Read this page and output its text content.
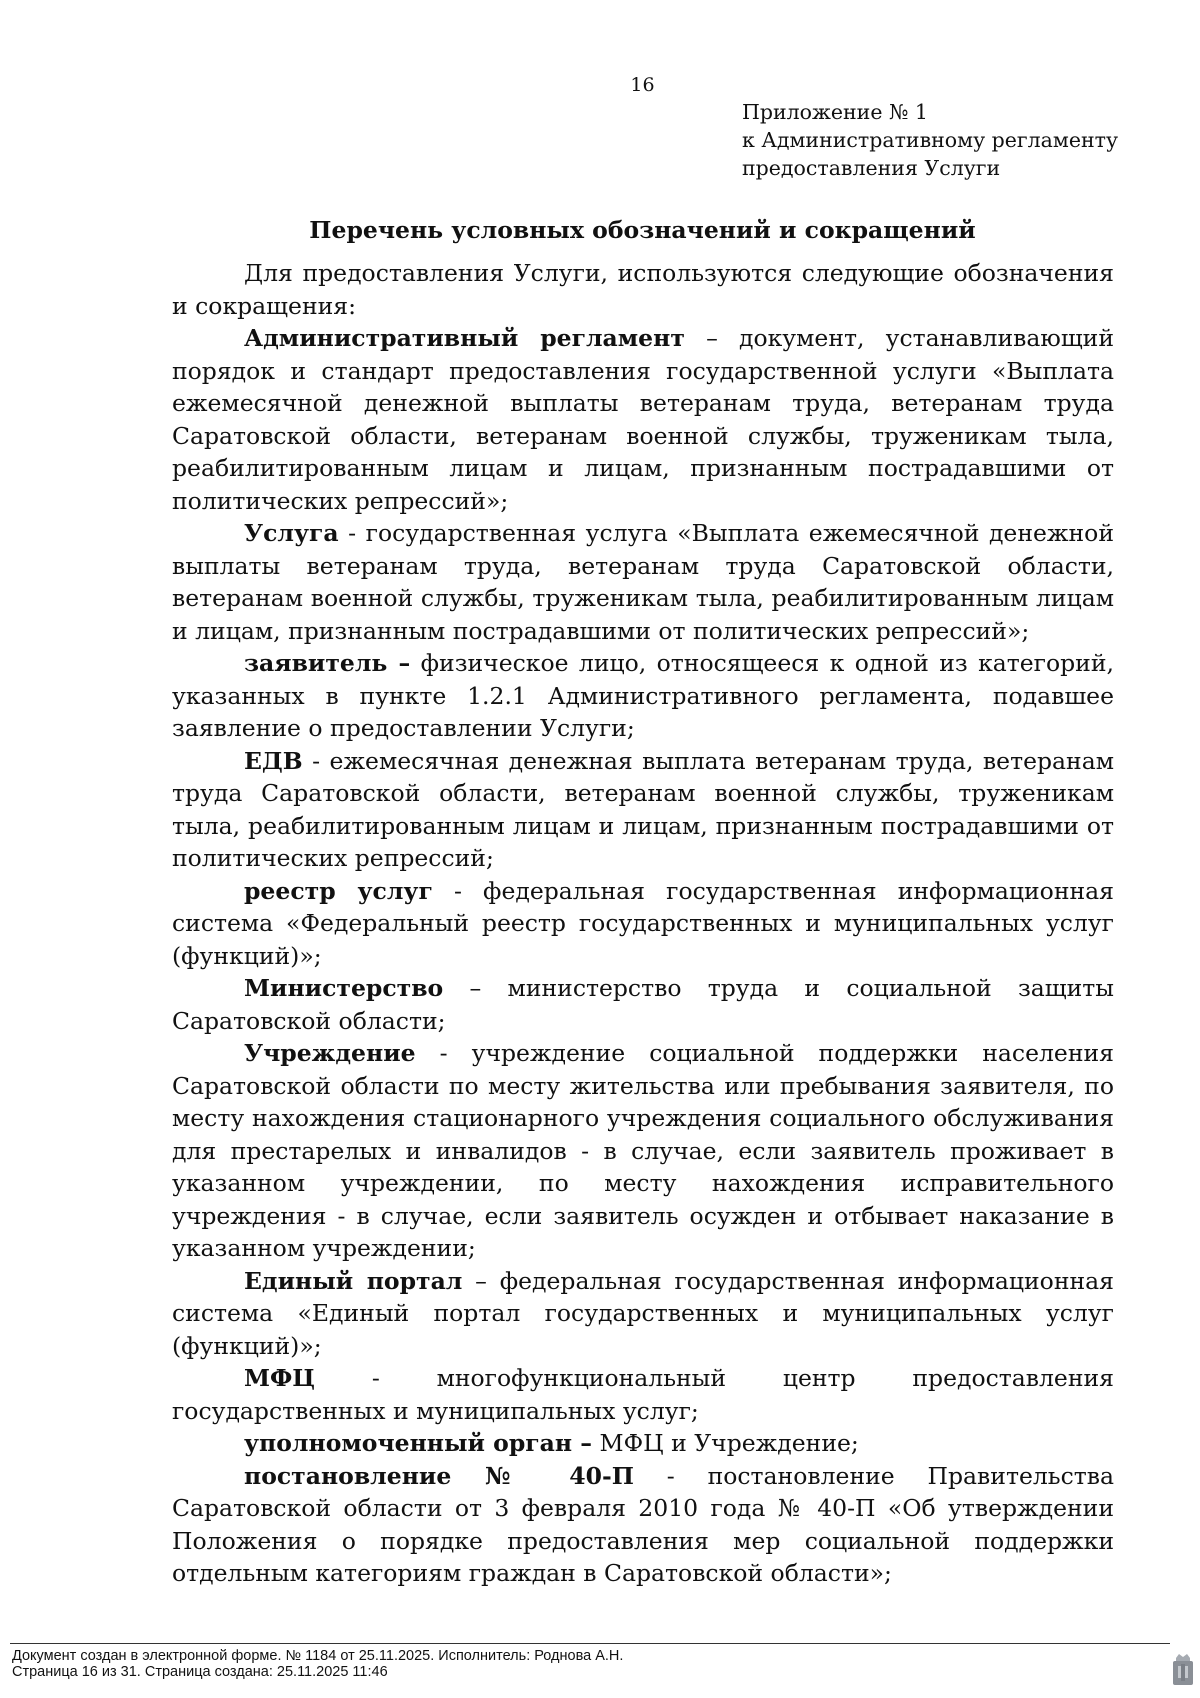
16
Приложение № 1
к Административному регламенту
предоставления Услуги
Перечень условных обозначений и сокращений

Для предоставления Услуги, используются следующие обозначения и сокращения:

Административный регламент – документ, устанавливающий порядок и стандарт предоставления государственной услуги «Выплата ежемесячной денежной выплаты ветеранам труда, ветеранам труда Саратовской области, ветеранам военной службы, труженикам тыла, реабилитированным лицам и лицам, признанным пострадавшими от политических репрессий»;

Услуга - государственная услуга «Выплата ежемесячной денежной выплаты ветеранам труда, ветеранам труда Саратовской области, ветеранам военной службы, труженикам тыла, реабилитированным лицам и лицам, признанным пострадавшими от политических репрессий»;

заявитель – физическое лицо, относящееся к одной из категорий, указанных в пункте 1.2.1 Административного регламента, подавшее заявление о предоставлении Услуги;

ЕДВ - ежемесячная денежная выплата ветеранам труда, ветеранам труда Саратовской области, ветеранам военной службы, труженикам тыла, реабилитированным лицам и лицам, признанным пострадавшими от политических репрессий;

реестр услуг - федеральная государственная информационная система «Федеральный реестр государственных и муниципальных услуг (функций)»;

Министерство – министерство труда и социальной защиты Саратовской области;

Учреждение - учреждение социальной поддержки населения Саратовской области по месту жительства или пребывания заявителя, по месту нахождения стационарного учреждения социального обслуживания для престарелых и инвалидов - в случае, если заявитель проживает в указанном учреждении, по месту нахождения исправительного учреждения - в случае, если заявитель осужден и отбывает наказание в указанном учреждении;

Единый портал – федеральная государственная информационная система «Единый портал государственных и муниципальных услуг (функций)»;

МФЦ - многофункциональный центр предоставления государственных и муниципальных услуг;

уполномоченный орган – МФЦ и Учреждение;

постановление № 40-П - постановление Правительства Саратовской области от 3 февраля 2010 года № 40-П «Об утверждении Положения о порядке предоставления мер социальной поддержки отдельным категориям граждан в Саратовской области»;

Документ создан в электронной форме. № 1184 от 25.11.2025. Исполнитель: Роднова А.Н.
Страница 16 из 31. Страница создана: 25.11.2025 11:46
